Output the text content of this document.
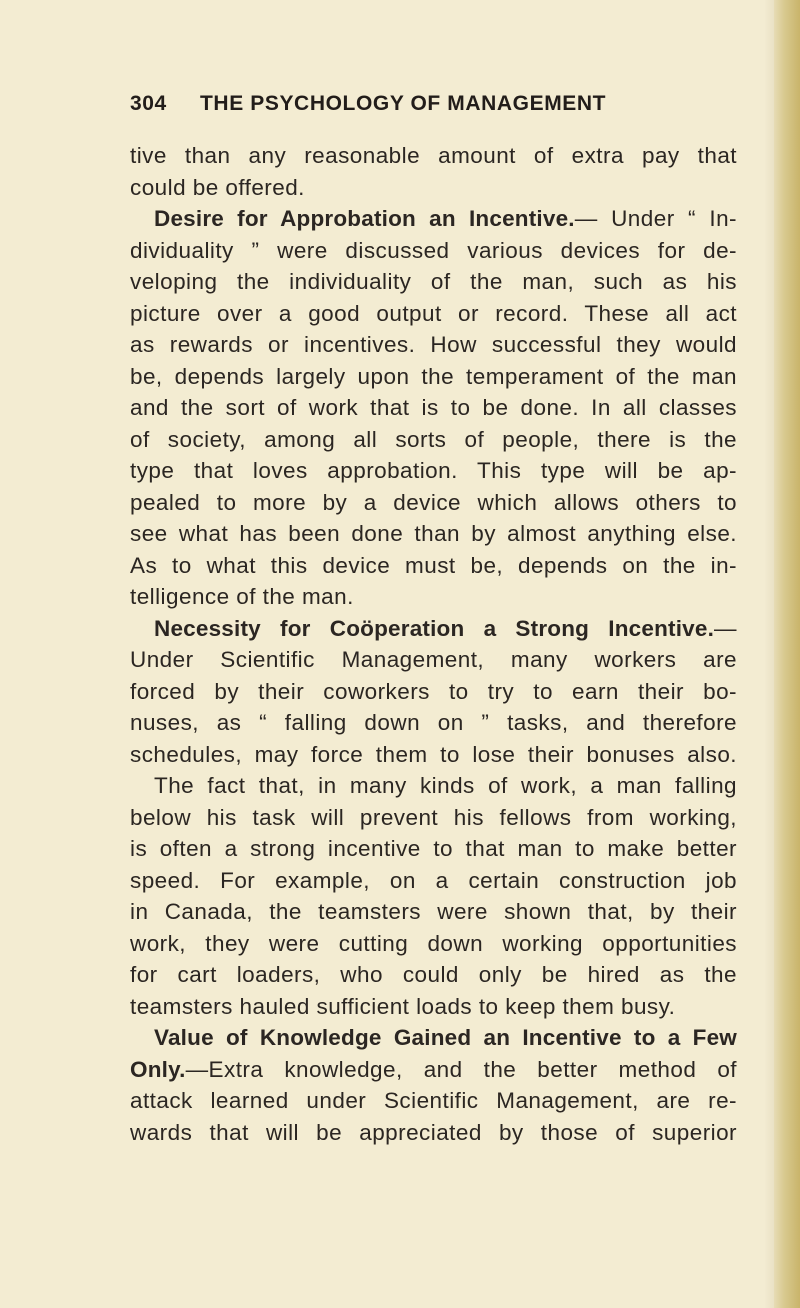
304 THE PSYCHOLOGY OF MANAGEMENT
tive than any reasonable amount of extra pay that
could be offered.
Desire for Approbation an Incentive.— Under “ In-
dividuality ” were discussed various devices for de-
veloping the individuality of the man, such as his
picture over a good output or record. These all act
as rewards or incentives. How successful they would
be, depends largely upon the temperament of the man
and the sort of work that is to be done. In all classes
of society, among all sorts of people, there is the
type that loves approbation. This type will be ap-
pealed to more by a device which allows others to
see what has been done than by almost anything else.
As to what this device must be, depends on the in-
telligence of the man.
Necessity for Coöperation a Strong Incentive.—
Under Scientific Management, many workers are
forced by their coworkers to try to earn their bo-
nuses, as “ falling down on ” tasks, and therefore
schedules, may force them to lose their bonuses also.
The fact that, in many kinds of work, a man falling
below his task will prevent his fellows from working,
is often a strong incentive to that man to make better
speed. For example, on a certain construction job
in Canada, the teamsters were shown that, by their
work, they were cutting down working opportunities
for cart loaders, who could only be hired as the
teamsters hauled sufficient loads to keep them busy.
Value of Knowledge Gained an Incentive to a Few
Only.—Extra knowledge, and the better method of
attack learned under Scientific Management, are re-
wards that will be appreciated by those of superior
